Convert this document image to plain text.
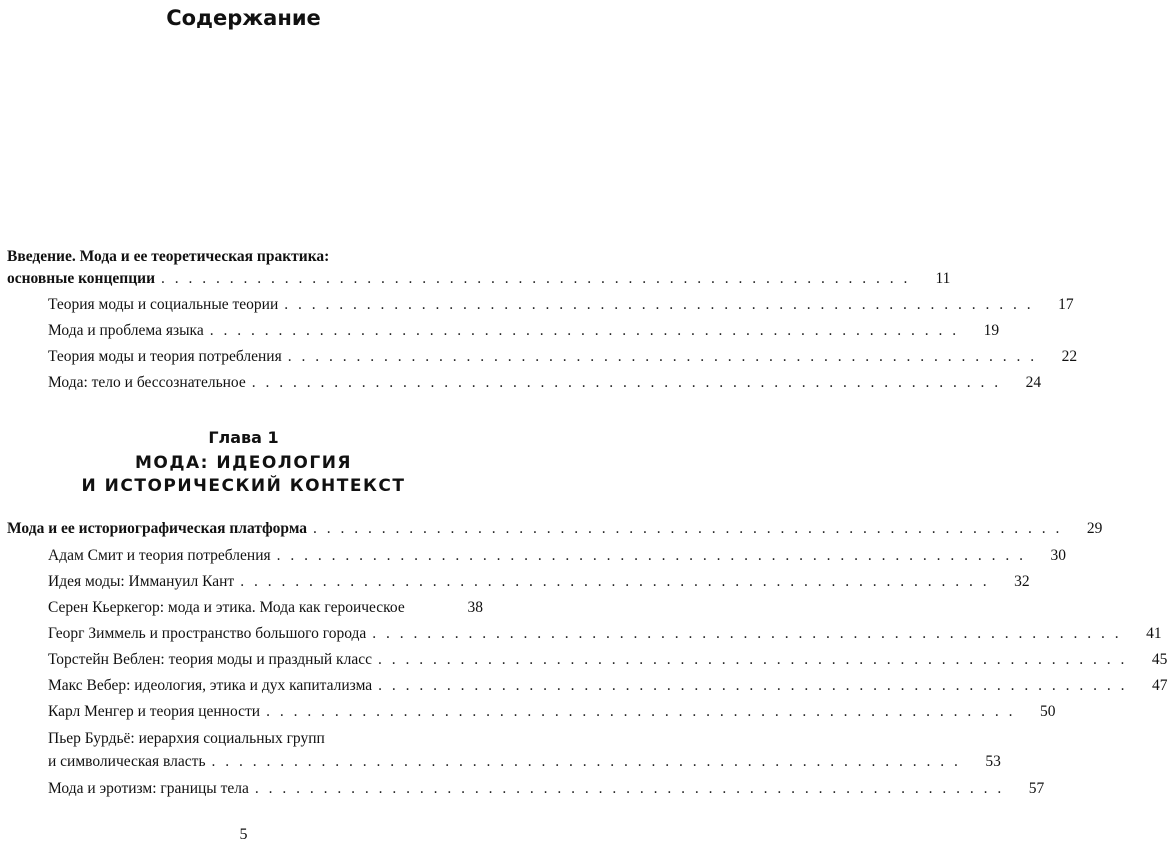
Содержание
Введение. Мода и ее теоретическая практика:
основные концепции . . . . . . . . . . . . . . . . . . . . . . . . . . . . . . . . . . . . . . . . . . . . . . . . . . . . . . .	11
Теория моды и социальные теории . . . . . . . . . . . . . . . . . . . . . . . . . . . . . . . . . . . . . . . . . . . . . . . . . . . . . . .	17
Мода и проблема языка . . . . . . . . . . . . . . . . . . . . . . . . . . . . . . . . . . . . . . . . . . . . . . . . . . . . . . .	19
Теория моды и теория потребления . . . . . . . . . . . . . . . . . . . . . . . . . . . . . . . . . . . . . . . . . . . . . . . . . . . . . . .	22
Мода: тело и бессознательное . . . . . . . . . . . . . . . . . . . . . . . . . . . . . . . . . . . . . . . . . . . . . . . . . . . . . . .	24
Глава 1
МОДА: ИДЕОЛОГИЯ
И ИСТОРИЧЕСКИЙ КОНТЕКСТ
Мода и ее историографическая платформа . . . . . . . . . . . . . . . . . . . . . . . . . . . . . . . . . . . . . . . . . . . . . . . . . . . . . . .	29
Адам Смит и теория потребления . . . . . . . . . . . . . . . . . . . . . . . . . . . . . . . . . . . . . . . . . . . . . . . . . . . . . . .	30
Идея моды: Иммануил Кант . . . . . . . . . . . . . . . . . . . . . . . . . . . . . . . . . . . . . . . . . . . . . . . . . . . . . . .	32
Серен Кьеркегор: мода и этика. Мода как героическое	38
Георг Зиммель и пространство большого города . . . . . . . . . . . . . . . . . . . . . . . . . . . . . . . . . . . . . . . . . . . . . . . . . . . . . . .	41
Торстейн Веблен: теория моды и праздный класс . . . . . . . . . . . . . . . . . . . . . . . . . . . . . . . . . . . . . . . . . . . . . . . . . . . . . . .	45
Макс Вебер: идеология, этика и дух капитализма . . . . . . . . . . . . . . . . . . . . . . . . . . . . . . . . . . . . . . . . . . . . . . . . . . . . . . .	47
Карл Менгер и теория ценности . . . . . . . . . . . . . . . . . . . . . . . . . . . . . . . . . . . . . . . . . . . . . . . . . . . . . . .	50
Пьер Бурдьё: иерархия социальных групп
и символическая власть . . . . . . . . . . . . . . . . . . . . . . . . . . . . . . . . . . . . . . . . . . . . . . . . . . . . . . .	53
Мода и эротизм: границы тела . . . . . . . . . . . . . . . . . . . . . . . . . . . . . . . . . . . . . . . . . . . . . . . . . . . . . . .	57
5
